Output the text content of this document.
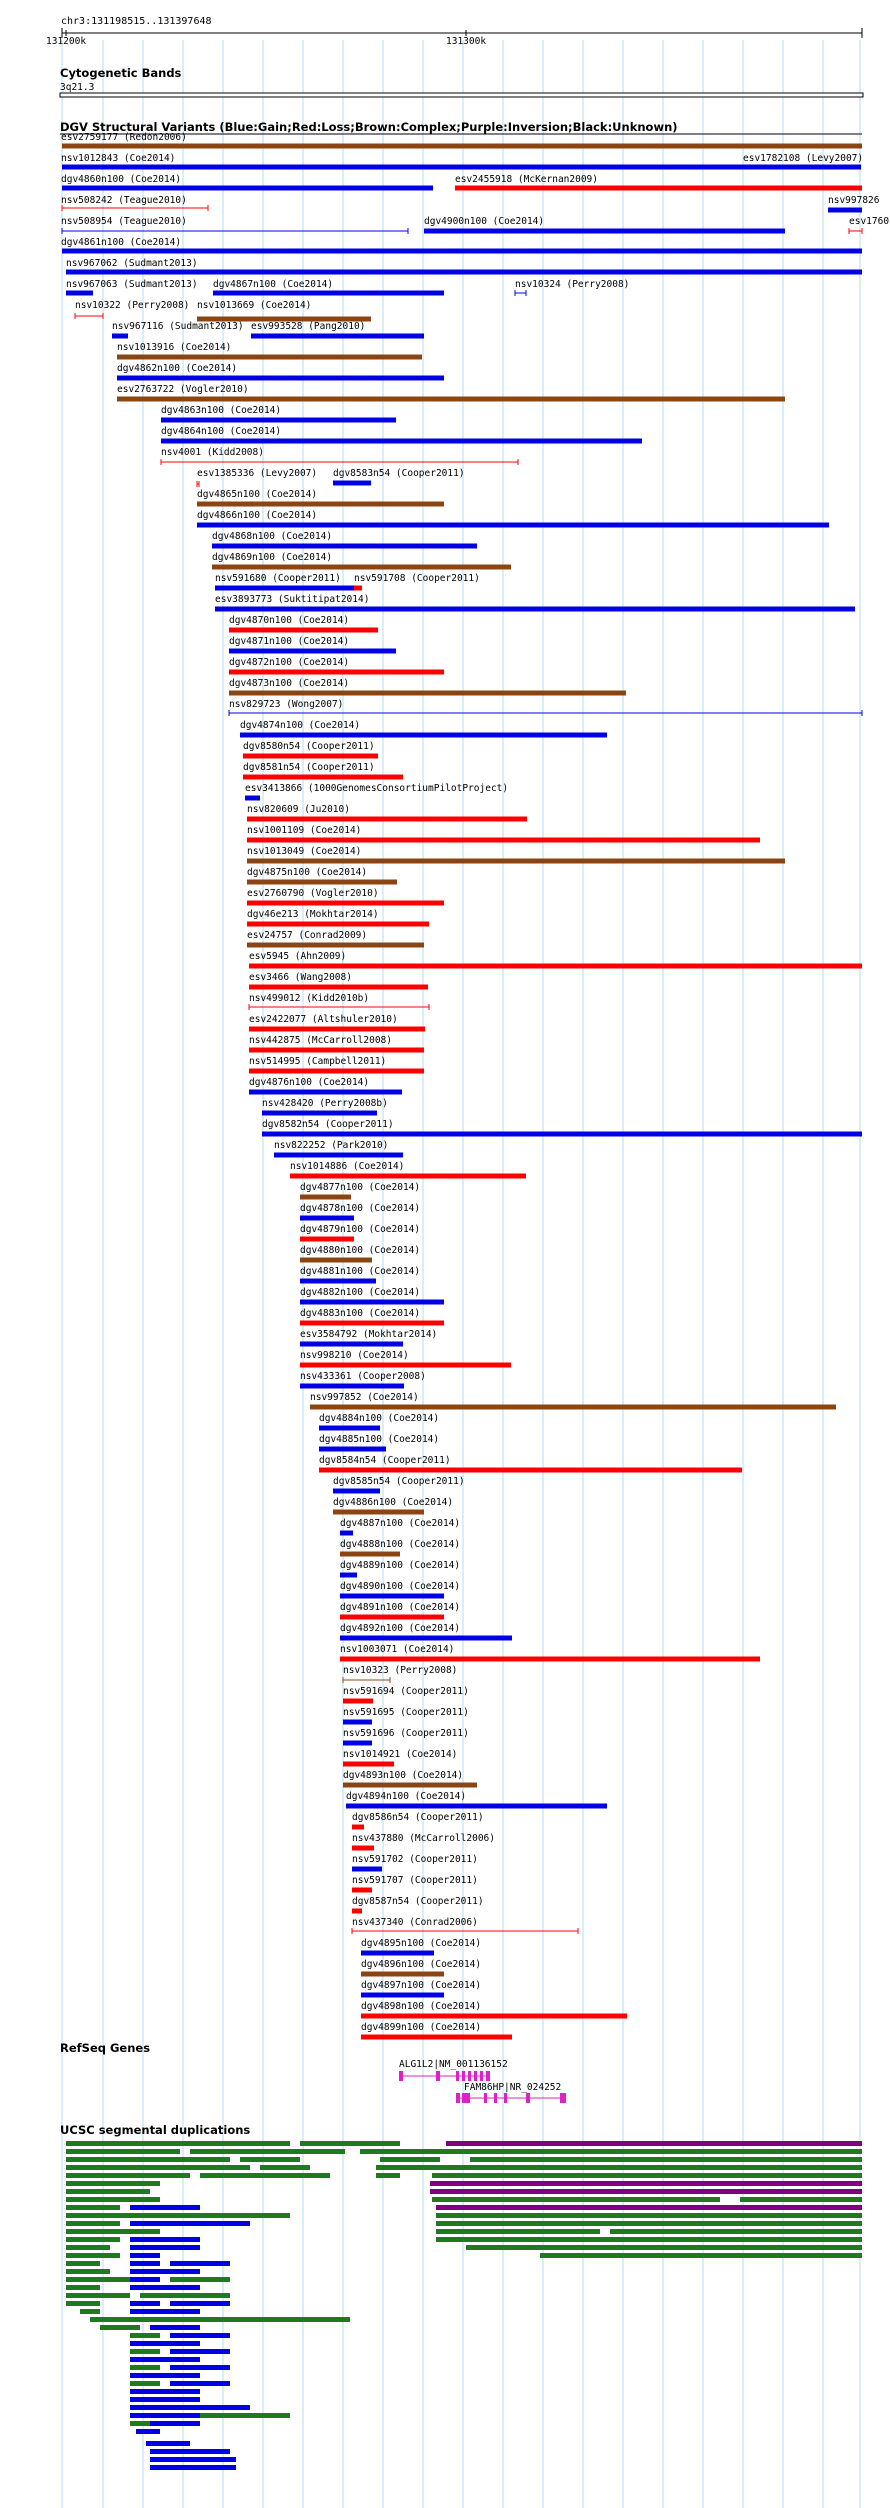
chr3:131198515..131397648
131200k	131300k
Cytogenetic Bands
3q21.3
DGV Structural Variants (Blue:Gain;Red:Loss;Brown:Complex;Purple:Inversion;Black:Unknown)
esv2759177 (Redon2006)
nsv1012843 (Coe2014)	esv1782108 (Levy2007)
dgv4860n100 (Coe2014)	esv2455918 (McKernan2009)
nsv508242 (Teague2010)	nsv997826
nsv508954 (Teague2010)	dgv4900n100 (Coe2014)	esv1760
dgv4861n100 (Coe2014)
nsv967062 (Sudmant2013)
nsv967063 (Sudmant2013) dgv4867n100 (Coe2014)	nsv10324 (Perry2008)
nsv10322 (Perry2008) nsv1013669 (Coe2014)
nsv967116 (Sudmant2013) esv993528 (Pang2010)
nsv1013916 (Coe2014)
dgv4862n100 (Coe2014)
esv2763722 (Vogler2010)
dgv4863n100 (Coe2014)
dgv4864n100 (Coe2014)
nsv4001 (Kidd2008)
esv1385336 (Levy2007) dgv8583n54 (Cooper2011)
dgv4865n100 (Coe2014)
dgv4866n100 (Coe2014)
dgv4868n100 (Coe2014)
dgv4869n100 (Coe2014)
nsv591680 (Cooper2011) nsv591708 (Cooper2011)
esv3893773 (Suktitipat2014)
dgv4870n100 (Coe2014)
dgv4871n100 (Coe2014)
dgv4872n100 (Coe2014)
dgv4873n100 (Coe2014)
nsv829723 (Wong2007)
dgv4874n100 (Coe2014)
dgv8580n54 (Cooper2011)
dgv8581n54 (Cooper2011)
esv3413866 (1000GenomesConsortiumPilotProject)
nsv820609 (Ju2010)
nsv1001109 (Coe2014)
nsv1013049 (Coe2014)
dgv4875n100 (Coe2014)
esv2760790 (Vogler2010)
dgv46e213 (Mokhtar2014)
esv24757 (Conrad2009)
esv5945 (Ahn2009)
esv3466 (Wang2008)
nsv499012 (Kidd2010b)
esv2422077 (Altshuler2010)
nsv442875 (McCarroll2008)
nsv514995 (Campbell2011)
dgv4876n100 (Coe2014)
nsv428420 (Perry2008b)
dgv8582n54 (Cooper2011)
nsv822252 (Park2010)
nsv1014886 (Coe2014)
dgv4877n100 (Coe2014)
dgv4878n100 (Coe2014)
dgv4879n100 (Coe2014)
dgv4880n100 (Coe2014)
dgv4881n100 (Coe2014)
dgv4882n100 (Coe2014)
dgv4883n100 (Coe2014)
esv3584792 (Mokhtar2014)
nsv998210 (Coe2014)
nsv433361 (Cooper2008)
nsv997852 (Coe2014)
dgv4884n100 (Coe2014)
dgv4885n100 (Coe2014)
dgv8584n54 (Cooper2011)
dgv8585n54 (Cooper2011)
dgv4886n100 (Coe2014)
dgv4887n100 (Coe2014)
dgv4888n100 (Coe2014)
dgv4889n100 (Coe2014)
dgv4890n100 (Coe2014)
dgv4891n100 (Coe2014)
dgv4892n100 (Coe2014)
nsv1003071 (Coe2014)
nsv10323 (Perry2008)
nsv591694 (Cooper2011)
nsv591695 (Cooper2011)
nsv591696 (Cooper2011)
nsv1014921 (Coe2014)
dgv4893n100 (Coe2014)
dgv4894n100 (Coe2014)
dgv8586n54 (Cooper2011)
nsv437880 (McCarroll2006)
nsv591702 (Cooper2011)
nsv591707 (Cooper2011)
dgv8587n54 (Cooper2011)
nsv437340 (Conrad2006)
dgv4895n100 (Coe2014)
dgv4896n100 (Coe2014)
dgv4897n100 (Coe2014)
dgv4898n100 (Coe2014)
dgv4899n100 (Coe2014)
RefSeq Genes
ALG1L2|NM_001136152
FAM86HP|NR_024252
UCSC segmental duplications
